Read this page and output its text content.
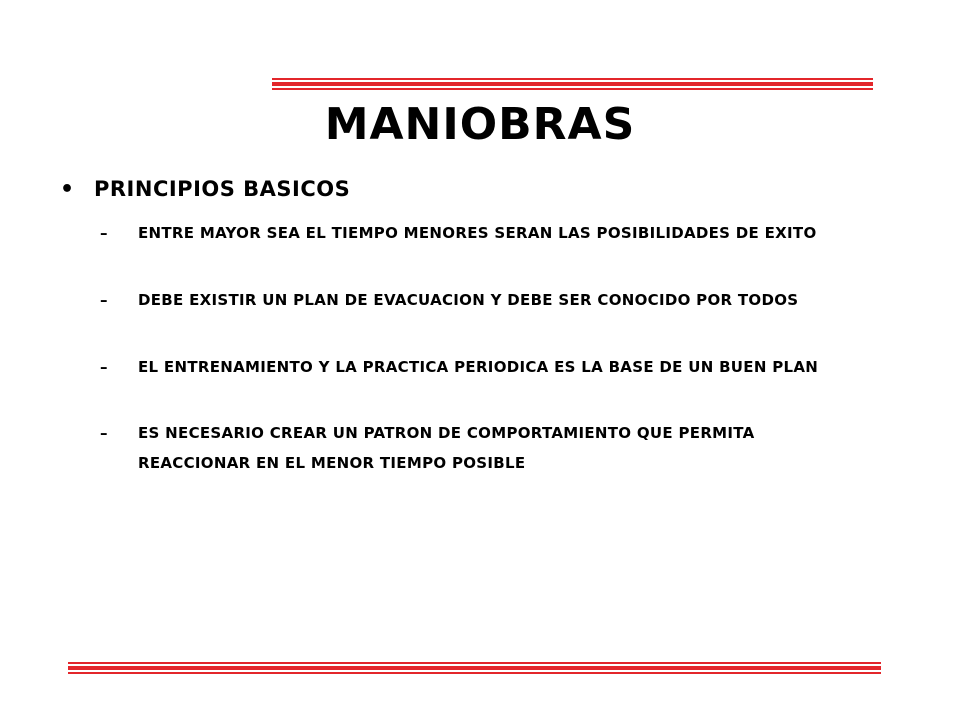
MANIOBRAS
• PRINCIPIOS BASICOS
–	ENTRE MAYOR SEA EL TIEMPO MENORES SERAN LAS POSIBILIDADES DE EXITO
–	DEBE EXISTIR UN PLAN DE EVACUACION Y DEBE SER CONOCIDO POR TODOS
–	EL ENTRENAMIENTO Y LA PRACTICA PERIODICA ES LA BASE DE UN BUEN PLAN
–	ES NECESARIO CREAR UN PATRON DE COMPORTAMIENTO QUE PERMITA REACCIONAR EN EL MENOR TIEMPO POSIBLE
